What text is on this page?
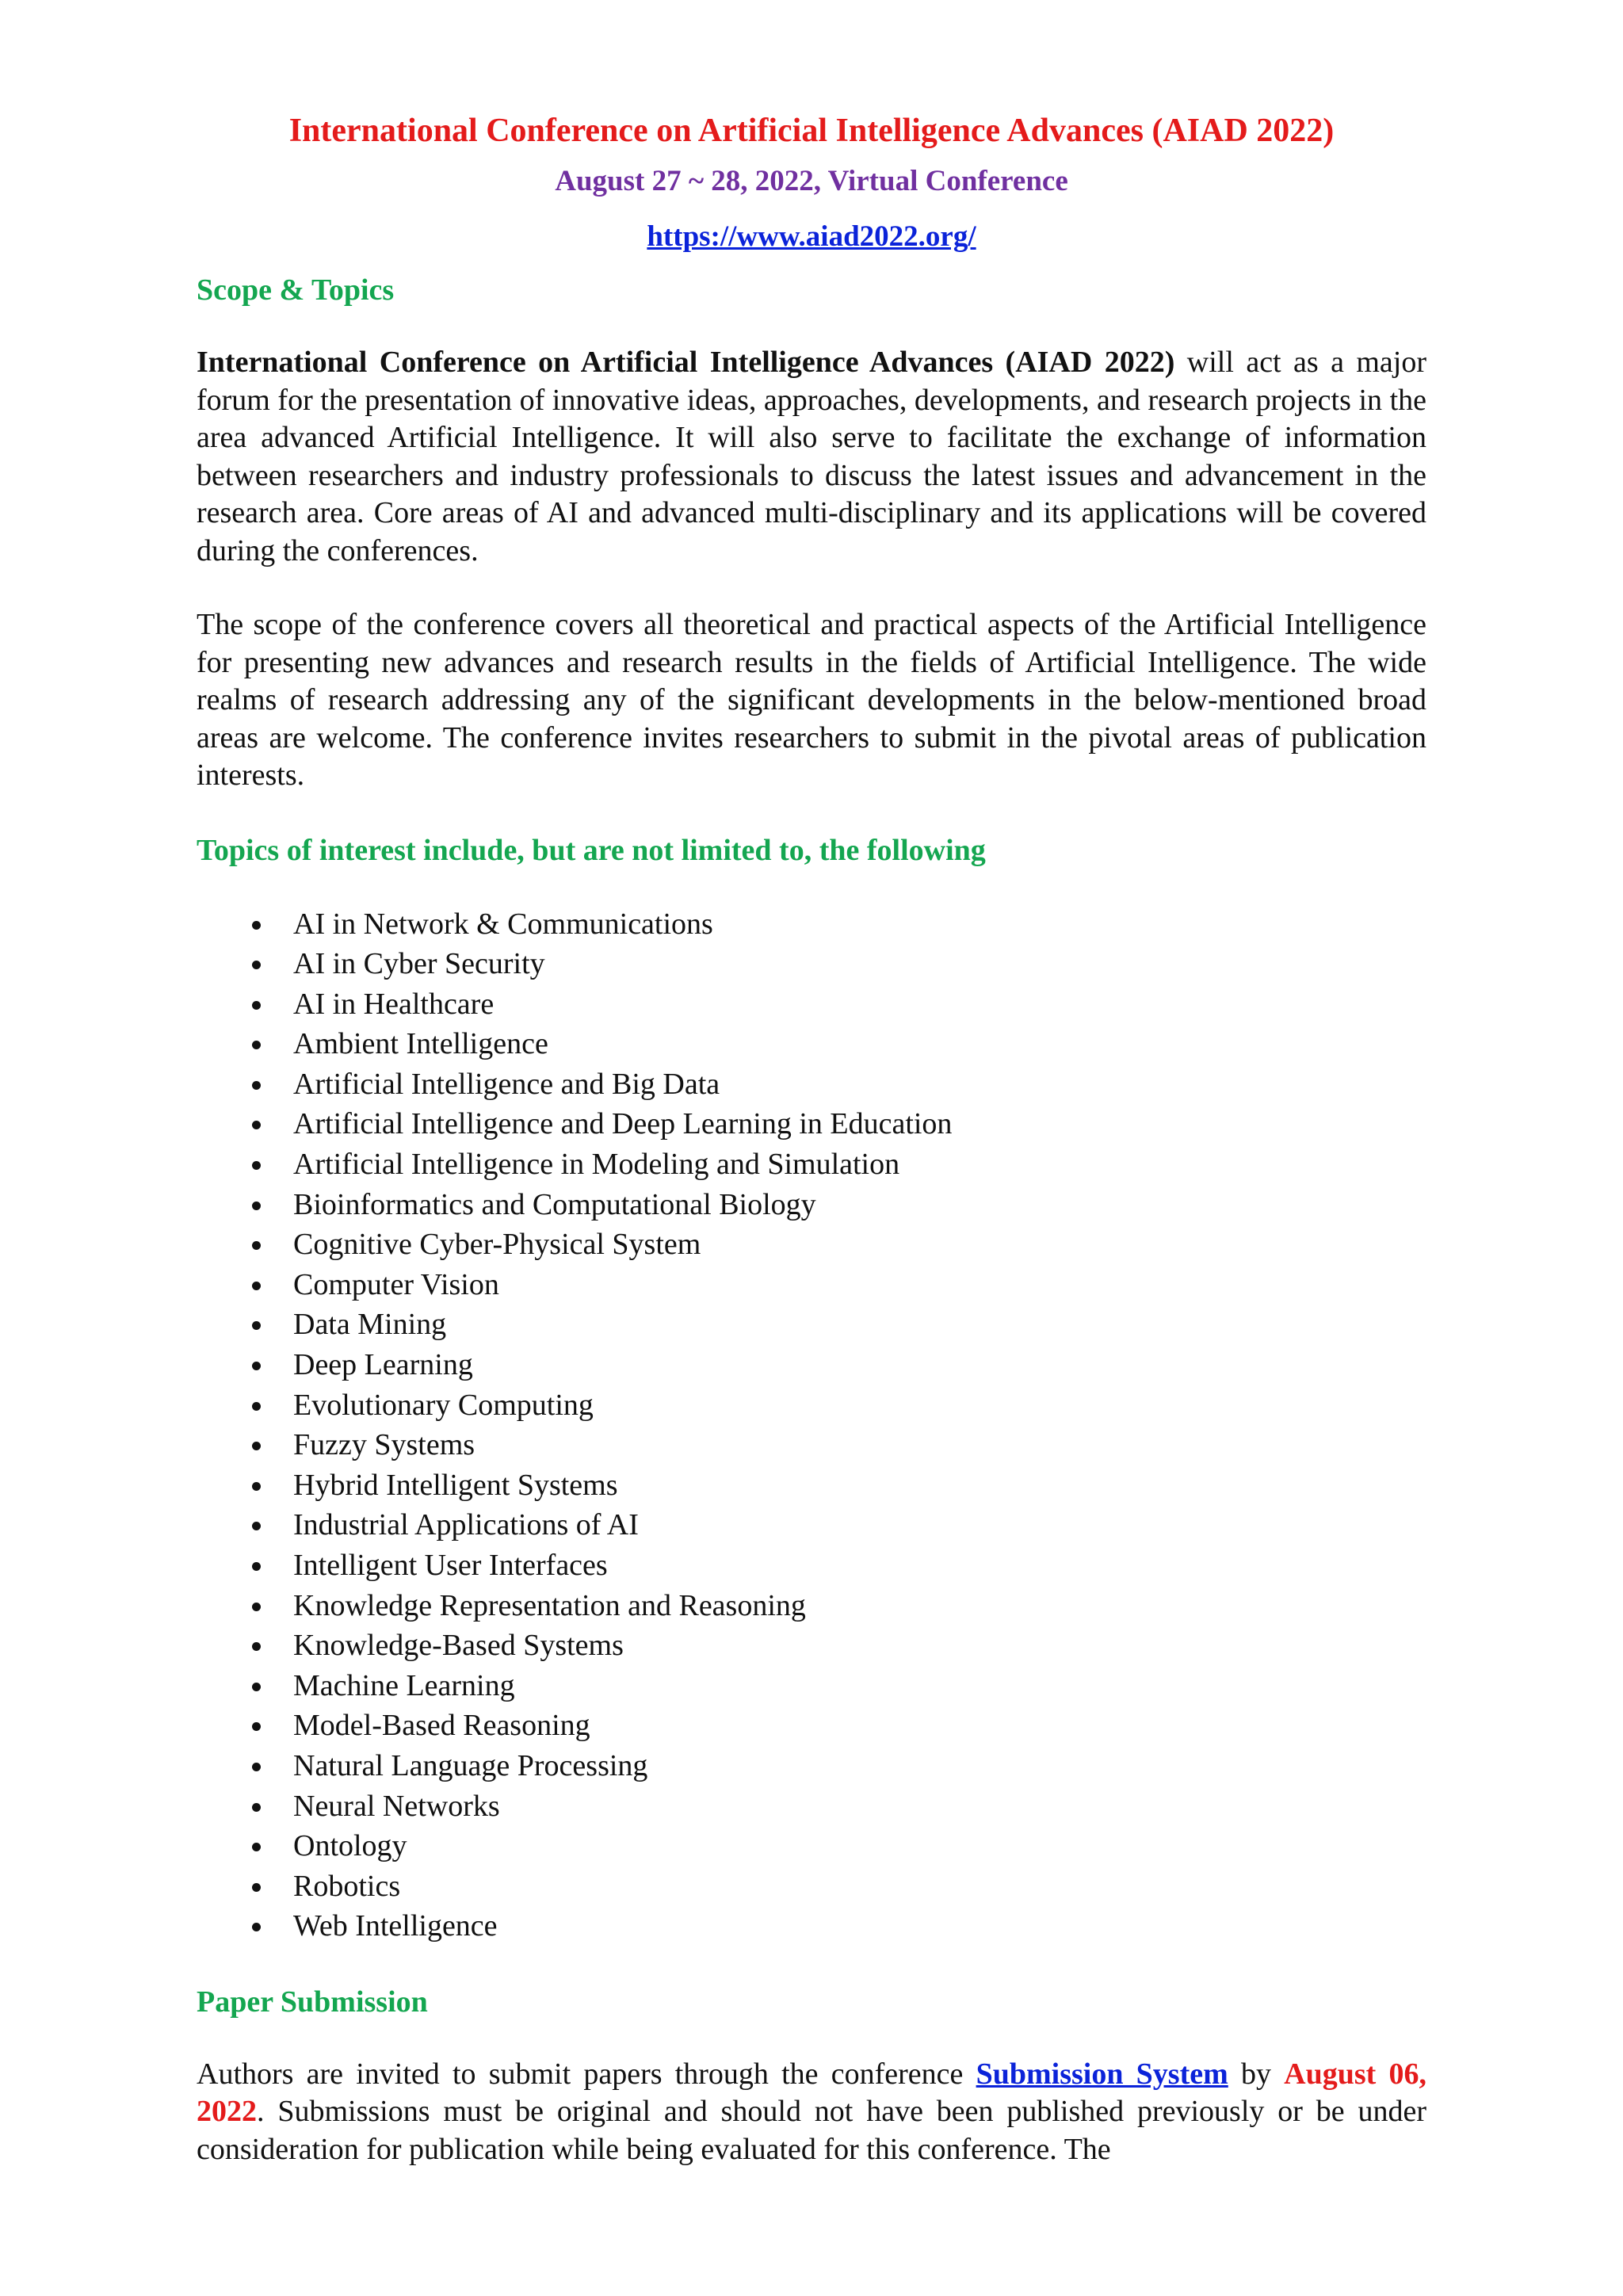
International Conference on Artificial Intelligence Advances (AIAD 2022)
August 27 ~ 28, 2022, Virtual Conference
https://www.aiad2022.org/
Scope & Topics

International Conference on Artificial Intelligence Advances (AIAD 2022) will act as a major forum for the presentation of innovative ideas, approaches, developments, and research projects in the area advanced Artificial Intelligence. It will also serve to facilitate the exchange of information between researchers and industry professionals to discuss the latest issues and advancement in the research area. Core areas of AI and advanced multi-disciplinary and its applications will be covered during the conferences.

The scope of the conference covers all theoretical and practical aspects of the Artificial Intelligence for presenting new advances and research results in the fields of Artificial Intelligence. The wide realms of research addressing any of the significant developments in the below-mentioned broad areas are welcome. The conference invites researchers to submit in the pivotal areas of publication interests.

Topics of interest include, but are not limited to, the following
AI in Network & Communications
AI in Cyber Security
AI in Healthcare
Ambient Intelligence
Artificial Intelligence and Big Data
Artificial Intelligence and Deep Learning in Education
Artificial Intelligence in Modeling and Simulation
Bioinformatics and Computational Biology
Cognitive Cyber-Physical System
Computer Vision
Data Mining
Deep Learning
Evolutionary Computing
Fuzzy Systems
Hybrid Intelligent Systems
Industrial Applications of AI
Intelligent User Interfaces
Knowledge Representation and Reasoning
Knowledge-Based Systems
Machine Learning
Model-Based Reasoning
Natural Language Processing
Neural Networks
Ontology
Robotics
Web Intelligence
Paper Submission

Authors are invited to submit papers through the conference Submission System by August 06, 2022. Submissions must be original and should not have been published previously or be under consideration for publication while being evaluated for this conference. The
